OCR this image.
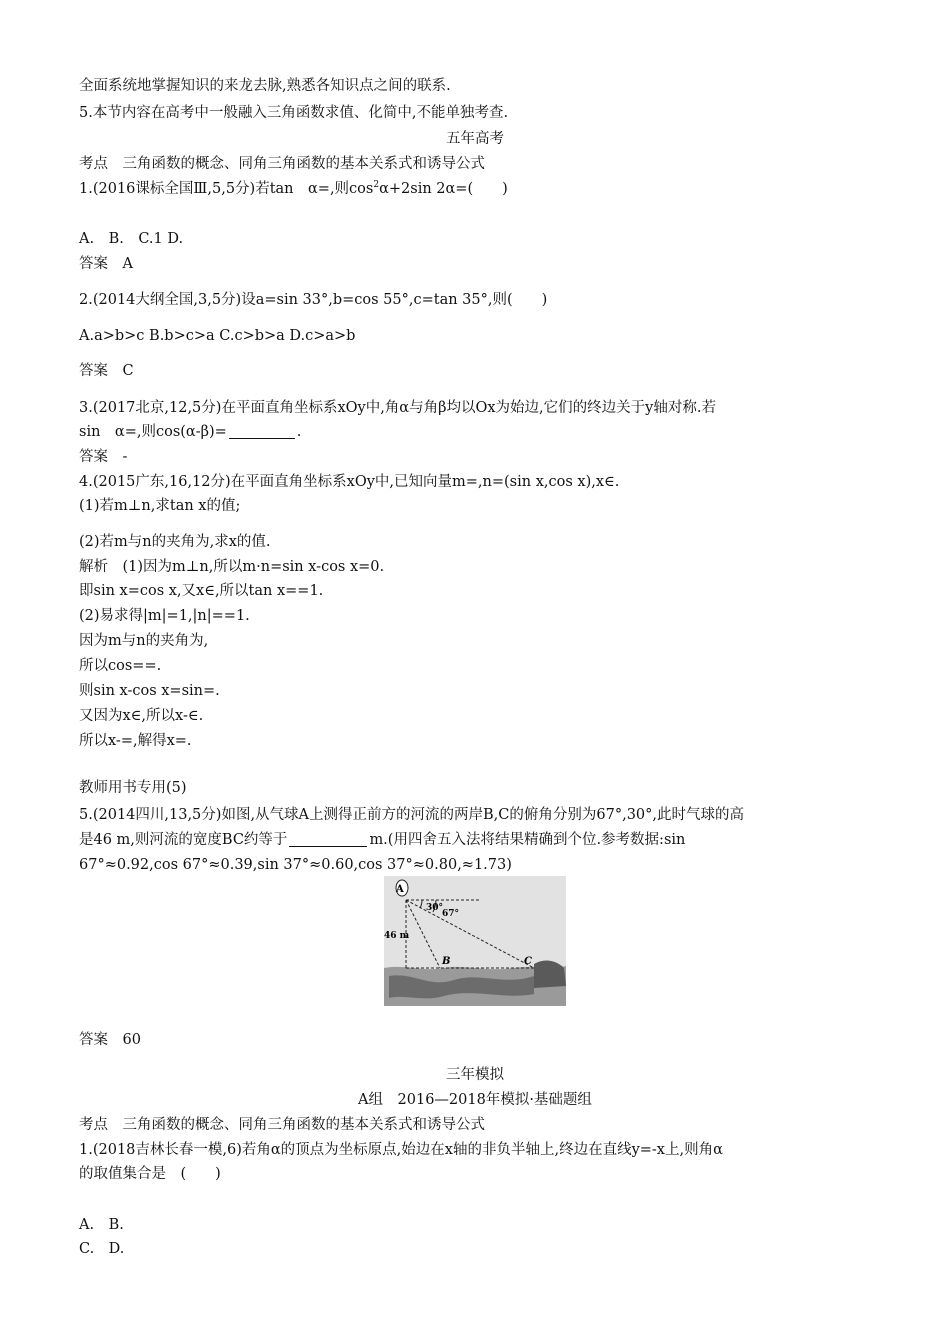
全面系统地掌握知识的来龙去脉,熟悉各知识点之间的联系.
5.本节内容在高考中一般融入三角函数求值、化简中,不能单独考查.
五年高考
考点　三角函数的概念、同角三角函数的基本关系式和诱导公式
1.(2016课标全国Ⅲ,5,5分)若tan　α=,则$\cos^2\alpha+2\sin$ 2α=(　　)
A.　B.　C.1 D.
答案　A
2.(2014大纲全国,3,5分)设a=sin 33°,b=cos 55°,c=tan 35°,则(　　)
A.a>b>c B.b>c>a C.c>b>a D.c>a>b
答案　C
3.(2017北京,12,5分)在平面直角坐标系xOy中,角α与角β均以Ox为始边,它们的终边关于y轴对称.若
sin　α=,则cos(α-β)=	.
答案　-
4.(2015广东,16,12分)在平面直角坐标系xOy中,已知向量m=,n=(sin x,cos x),x∈.
(1)若m⊥n,求tan x的值;
(2)若m与n的夹角为,求x的值.
解析　(1)因为m⊥n,所以m·n=sin x-cos x=0.
即sin x=cos x,又x∈,所以tan x==1.
(2)易求得|m|=1,|n|==1.
因为m与n的夹角为,
所以cos==.
则sin x-cos x=sin=.
又因为x∈,所以x-∈.
所以x-=,解得x=.
教师用书专用(5)
5.(2014四川,13,5分)如图,从气球A上测得正前方的河流的两岸B,C的俯角分别为67°,30°,此时气球的高
是46 m,则河流的宽度BC约等于	m.(用四舍五入法将结果精确到个位.参考数据:sin
67°≈0.92,cos 67°≈0.39,sin 37°≈0.60,cos 37°≈0.80,≈1.73)
A
30°
67°
46 m
B	C
答案　60
三年模拟
A组　2016—2018年模拟·基础题组
考点　三角函数的概念、同角三角函数的基本关系式和诱导公式
1.(2018吉林长春一模,6)若角α的顶点为坐标原点,始边在x轴的非负半轴上,终边在直线y=-x上,则角α
的取值集合是　(　　)
A.　B.
C.　D.
